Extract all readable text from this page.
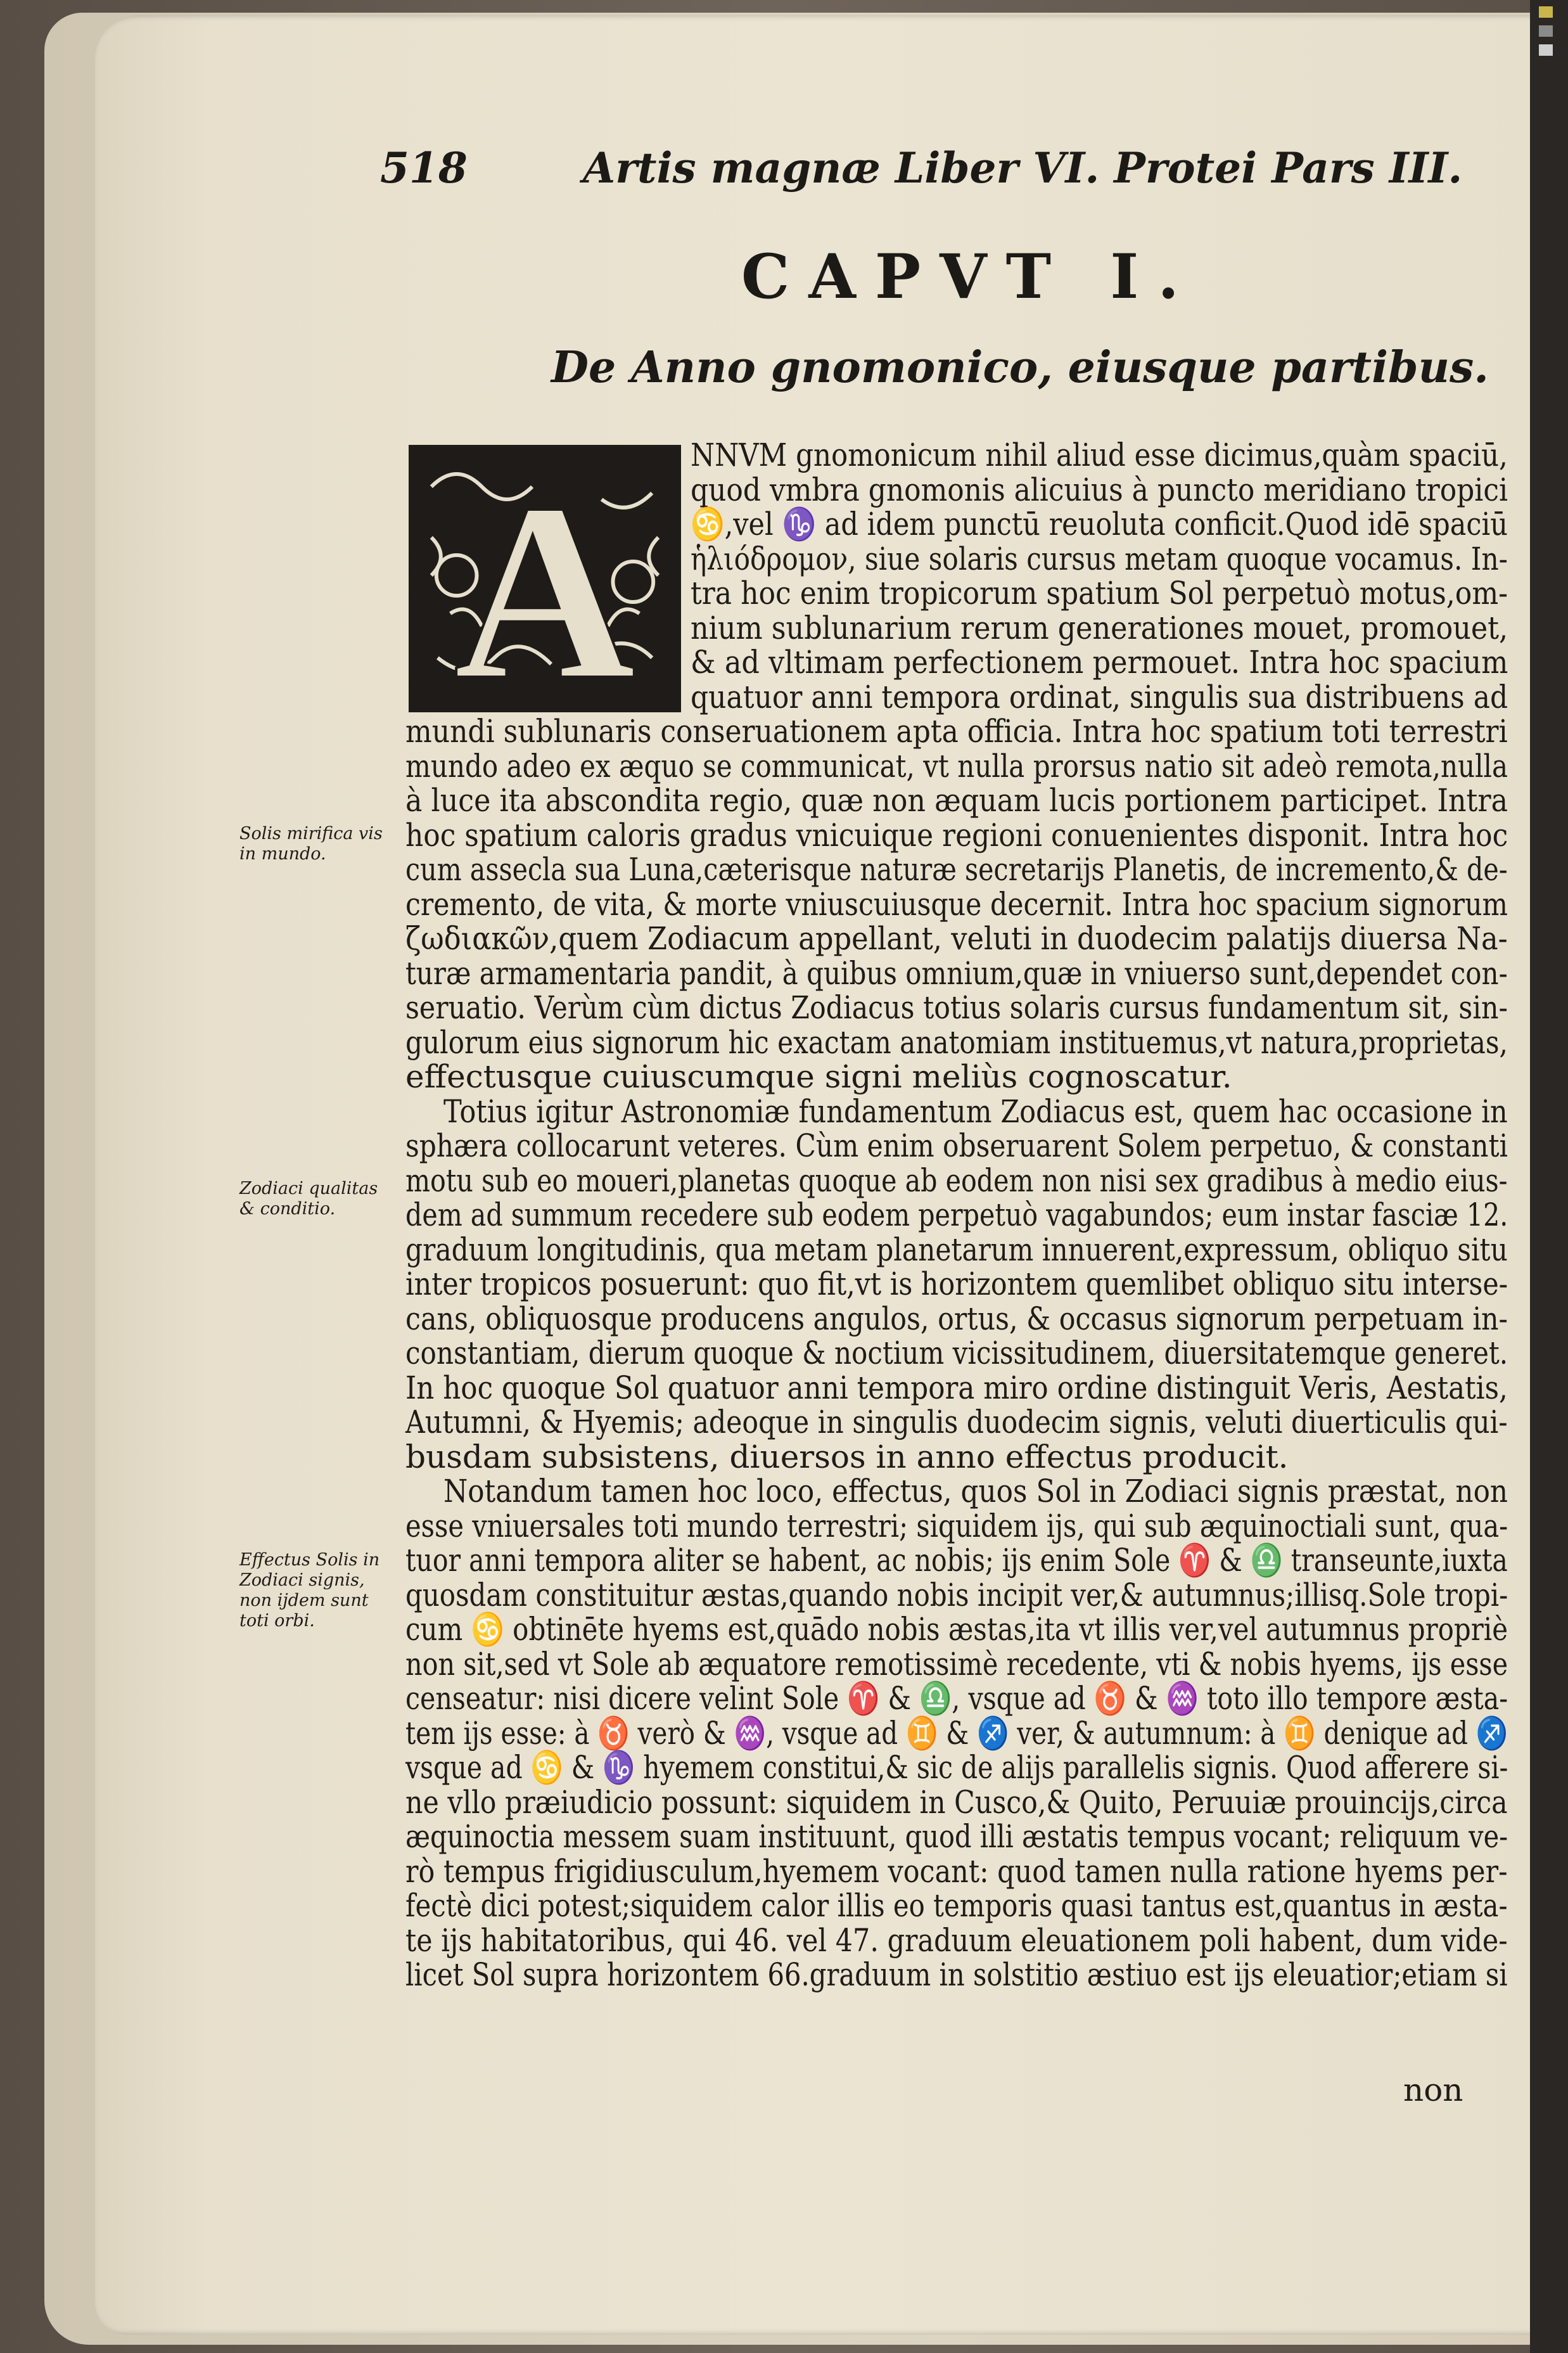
518	Artis magnæ Liber VI. Protei Pars III.
CAPVT I.
De Anno gnomonico, eiusque partibus.
A NNVM gnomonicum nihil aliud esse dicimus,quàm spaciū,
quod vmbra gnomonis alicuius à puncto meridiano tropici
♋,vel ♑ ad idem punctū reuoluta conficit.Quod idē spaciū
ἡλιόδρομον, siue solaris cursus metam quoque vocamus. In-
tra hoc enim tropicorum spatium Sol perpetuò motus,om-
nium sublunarium rerum generationes mouet, promouet,
& ad vltimam perfectionem permouet. Intra hoc spacium
quatuor anni tempora ordinat, singulis sua distribuens ad
mundi sublunaris conseruationem apta officia. Intra hoc spatium toti terrestri
mundo adeo ex æquo se communicat, vt nulla prorsus natio sit adeò remota,nulla
à luce ita abscondita regio, quæ non æquam lucis portionem participet. Intra
hoc spatium caloris gradus vnicuique regioni conuenientes disponit. Intra hoc
cum assecla sua Luna,cæterisque naturæ secretarijs Planetis, de incremento,& de-
cremento, de vita, & morte vniuscuiusque decernit. Intra hoc spacium signorum
ζωδιακῶν,quem Zodiacum appellant, veluti in duodecim palatijs diuersa Na-
turæ armamentaria pandit, à quibus omnium,quæ in vniuerso sunt,dependet con-
seruatio. Verùm cùm dictus Zodiacus totius solaris cursus fundamentum sit, sin-
gulorum eius signorum hic exactam anatomiam instituemus,vt natura,proprietas,
effectusque cuiuscumque signi meliùs cognoscatur.
Totius igitur Astronomiæ fundamentum Zodiacus est, quem hac occasione in
sphæra collocarunt veteres. Cùm enim obseruarent Solem perpetuo, & constanti
motu sub eo moueri,planetas quoque ab eodem non nisi sex gradibus à medio eius-
dem ad summum recedere sub eodem perpetuò vagabundos; eum instar fasciæ 12.
graduum longitudinis, qua metam planetarum innuerent,expressum, obliquo situ
inter tropicos posuerunt: quo fit,vt is horizontem quemlibet obliquo situ interse-
cans, obliquosque producens angulos, ortus, & occasus signorum perpetuam in-
constantiam, dierum quoque & noctium vicissitudinem, diuersitatemque generet.
In hoc quoque Sol quatuor anni tempora miro ordine distinguit Veris, Aestatis,
Autumni, & Hyemis; adeoque in singulis duodecim signis, veluti diuerticulis qui-
busdam subsistens, diuersos in anno effectus producit.
Notandum tamen hoc loco, effectus, quos Sol in Zodiaci signis præstat, non
esse vniuersales toti mundo terrestri; siquidem ijs, qui sub æquinoctiali sunt, qua-
tuor anni tempora aliter se habent, ac nobis; ijs enim Sole ♈ & ♎ transeunte,iuxta
quosdam constituitur æstas,quando nobis incipit ver,& autumnus;illisq.Sole tropi-
cum ♋ obtinēte hyems est,quādo nobis æstas,ita vt illis ver,vel autumnus propriè
non sit,sed vt Sole ab æquatore remotissimè recedente, vti & nobis hyems, ijs esse
censeatur: nisi dicere velint Sole ♈ & ♎, vsque ad ♉ & ♒ toto illo tempore æsta-
tem ijs esse: à ♉ verò & ♒, vsque ad ♊ & ♐ ver, & autumnum: à ♊ denique ad ♐
vsque ad ♋ & ♑ hyemem constitui,& sic de alijs parallelis signis. Quod afferere si-
ne vllo præiudicio possunt: siquidem in Cusco,& Quito, Peruuiæ prouincijs,circa
æquinoctia messem suam instituunt, quod illi æstatis tempus vocant; reliquum ve-
rò tempus frigidiusculum,hyemem vocant: quod tamen nulla ratione hyems per-
fectè dici potest;siquidem calor illis eo temporis quasi tantus est,quantus in æsta-
te ijs habitatoribus, qui 46. vel 47. graduum eleuationem poli habent, dum vide-
licet Sol supra horizontem 66.graduum in solstitio æstiuo est ijs eleuatior;etiam si
non
Solis mirifica vis in mundo.
Zodiaci qualitas & conditio.
Effectus Solis in Zodiaci signis, non ijdem sunt toti orbi.
